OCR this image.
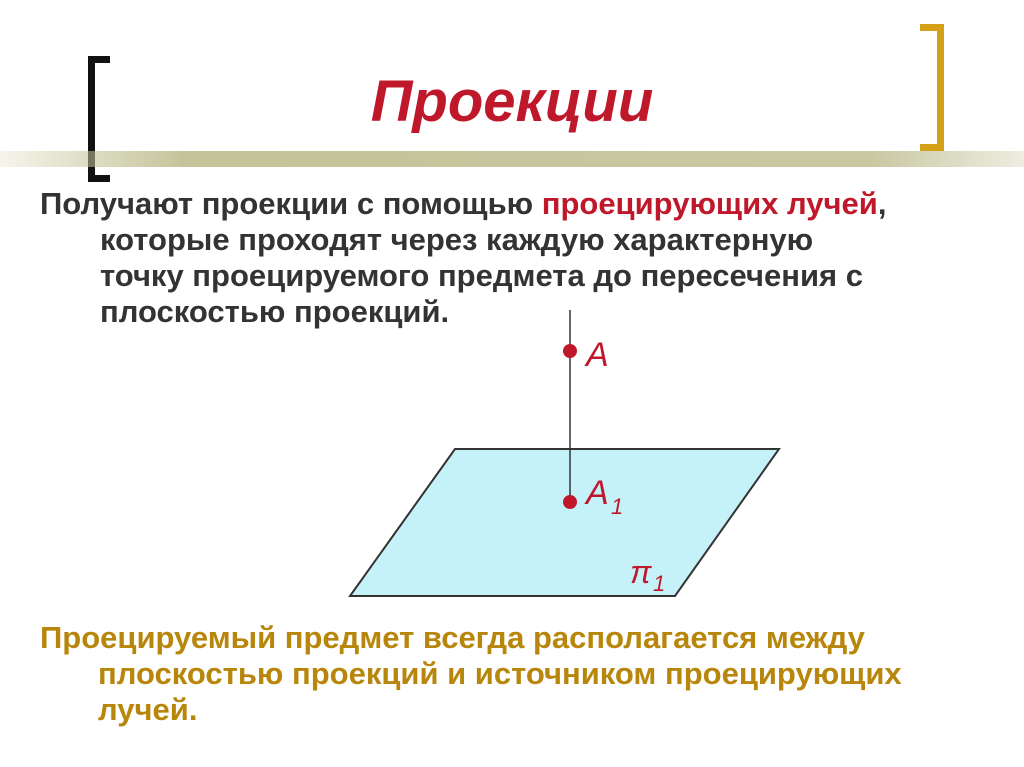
Проекции
Получают проекции с помощью проецирующих лучей,
которые проходят через каждую характерную
точку проецируемого предмета до пересечения с
плоскостью проекций.
A
A 1
π 1
Проецируемый предмет всегда располагается между
плоскостью проекций и источником проецирующих
лучей.
